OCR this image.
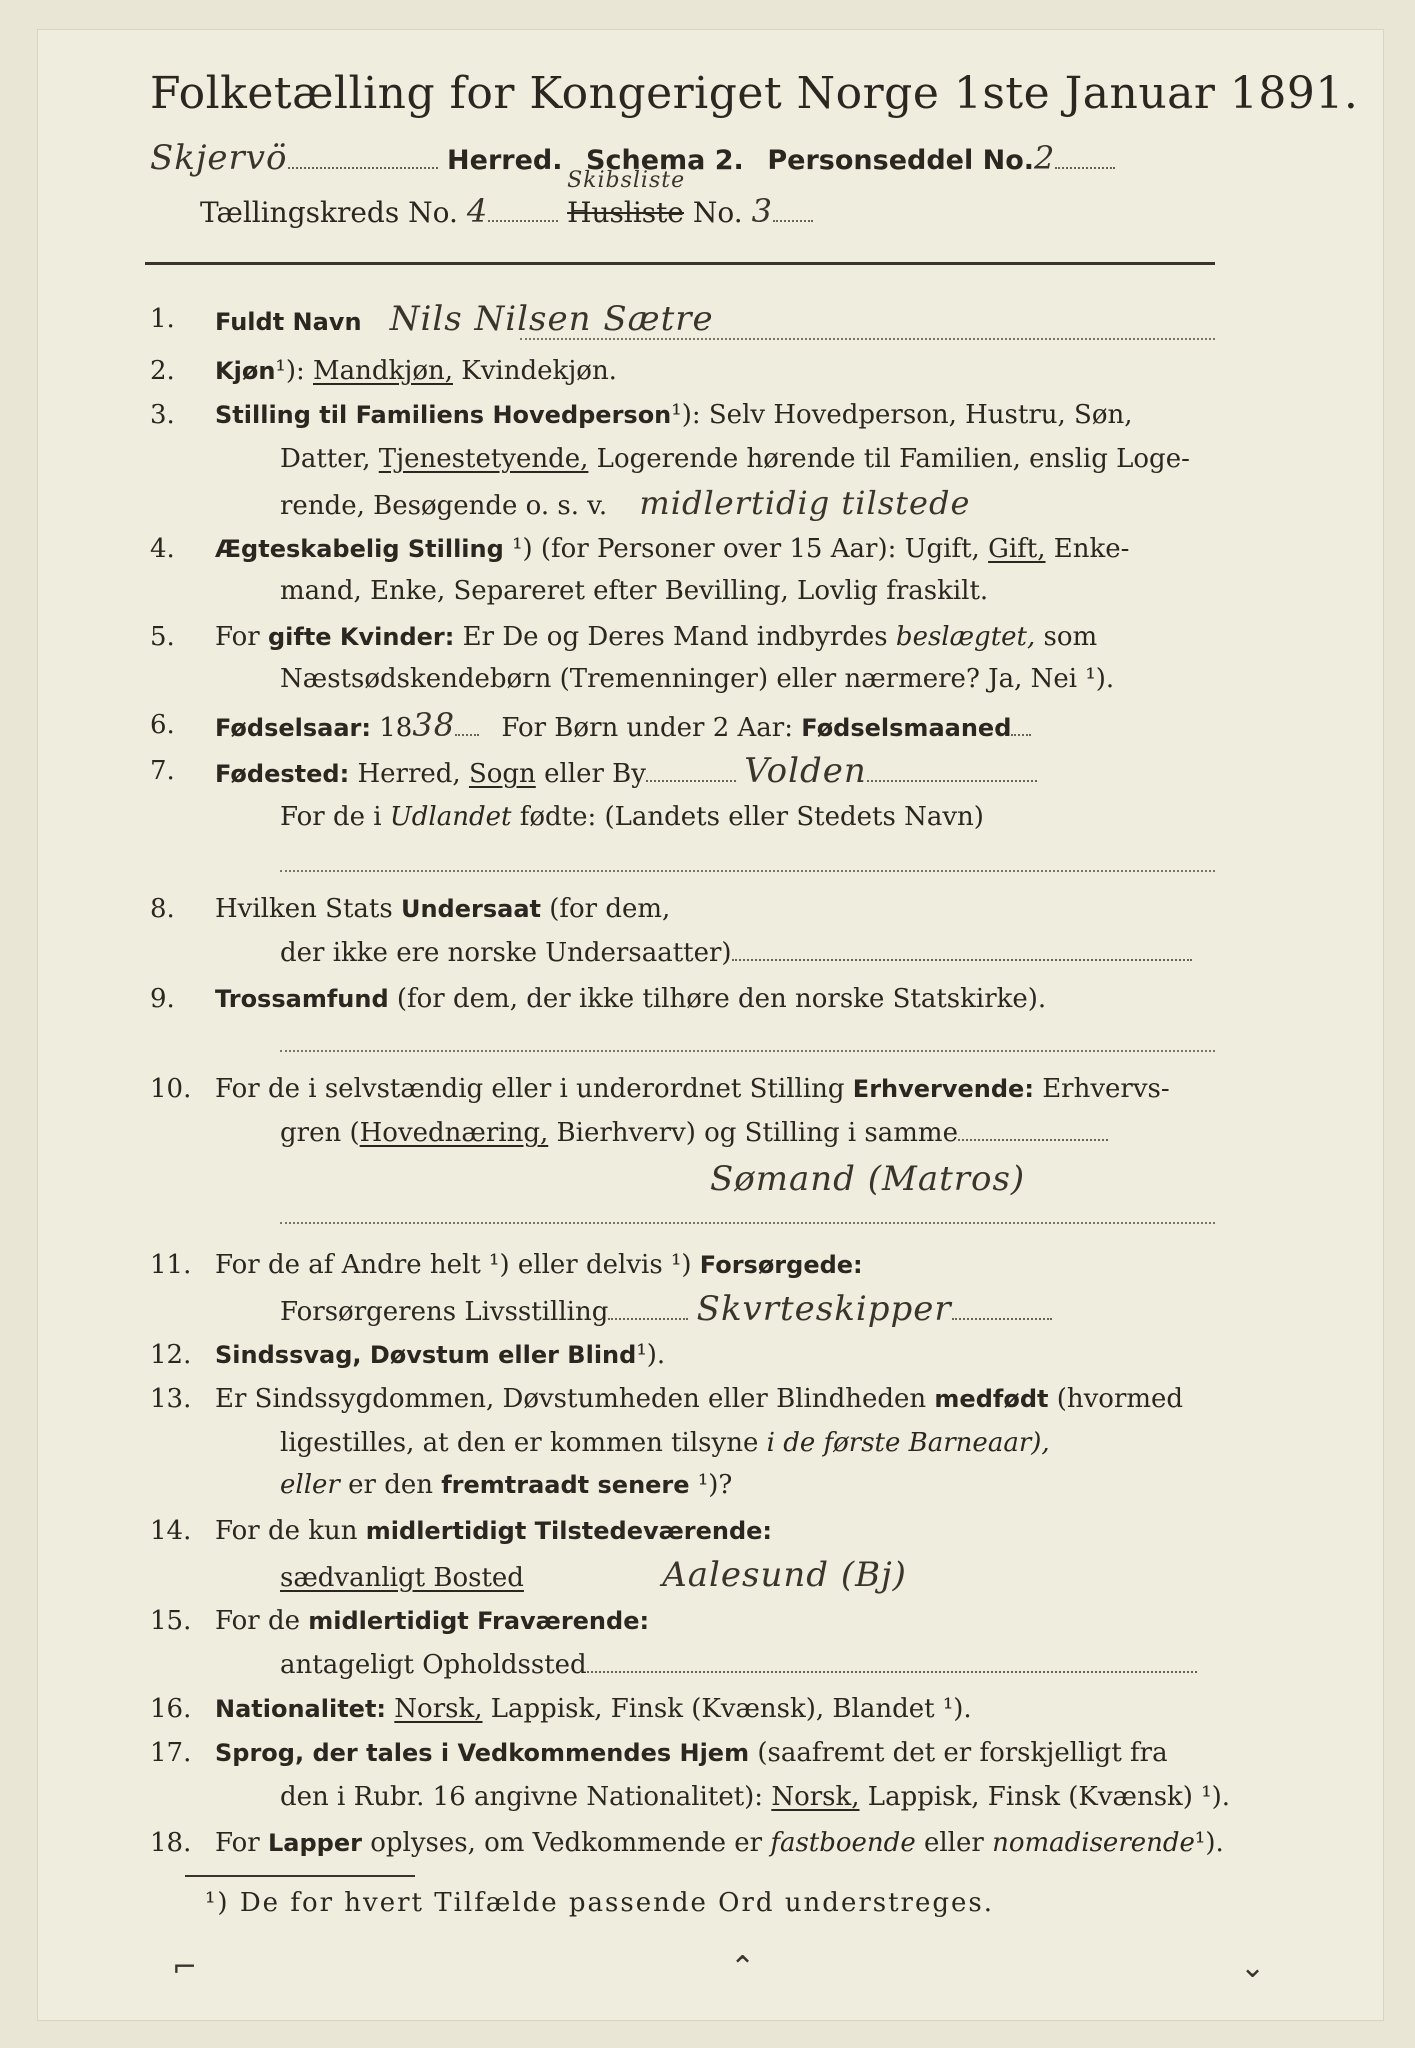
Folketælling for Kongeriget Norge 1ste Januar 1891.
Skjervö	Herred. Schema 2. Personseddel No.2
Tællingskreds No. 4
Skibsliste
Husliste No. 3
1.	Fuldt Navn Nils Nilsen Sætre
2.	Kjøn¹): Mandkjøn, Kvindekjøn.
3.	Stilling til Familiens Hovedperson¹): Selv Hovedperson, Hustru, Søn,
Datter, Tjenestetyende, Logerende hørende til Familien, enslig Loge-
rende, Besøgende o. s. v. midlertidig tilstede
4.	Ægteskabelig Stilling ¹) (for Personer over 15 Aar): Ugift, Gift, Enke-
mand, Enke, Separeret efter Bevilling, Lovlig fraskilt.
5.	For gifte Kvinder: Er De og Deres Mand indbyrdes beslægtet, som
Næstsødskendebørn (Tremenninger) eller nærmere? Ja, Nei ¹).
6.	Fødselsaar: 1838 For Børn under 2 Aar: Fødselsmaaned
7.	Fødested: Herred, Sogn eller By	Volden
For de i Udlandet fødte: (Landets eller Stedets Navn)
8.	Hvilken Stats Undersaat (for dem,
der ikke ere norske Undersaatter)
9.	Trossamfund (for dem, der ikke tilhøre den norske Statskirke).
10. For de i selvstændig eller i underordnet Stilling Erhvervende: Erhvervs-
gren (Hovednæring, Bierhverv) og Stilling i samme
Sømand (Matros)
11. For de af Andre helt ¹) eller delvis ¹) Forsørgede:
Forsørgerens Livsstilling	Skvrteskipper
12. Sindssvag, Døvstum eller Blind¹).
13. Er Sindssygdommen, Døvstumheden eller Blindheden medfødt (hvormed
ligestilles, at den er kommen tilsyne i de første Barneaar),
eller er den fremtraadt senere ¹)?
14. For de kun midlertidigt Tilstedeværende:
sædvanligt Bosted	Aalesund (Bj)
15. For de midlertidigt Fraværende:
antageligt Opholdssted
16. Nationalitet: Norsk, Lappisk, Finsk (Kvænsk), Blandet ¹).
17. Sprog, der tales i Vedkommendes Hjem (saafremt det er forskjelligt fra
den i Rubr. 16 angivne Nationalitet): Norsk, Lappisk, Finsk (Kvænsk) ¹).
18. For Lapper oplyses, om Vedkommende er fastboende eller nomadiserende¹).
¹) De for hvert Tilfælde passende Ord understreges.
⌐	⌃	⌄
